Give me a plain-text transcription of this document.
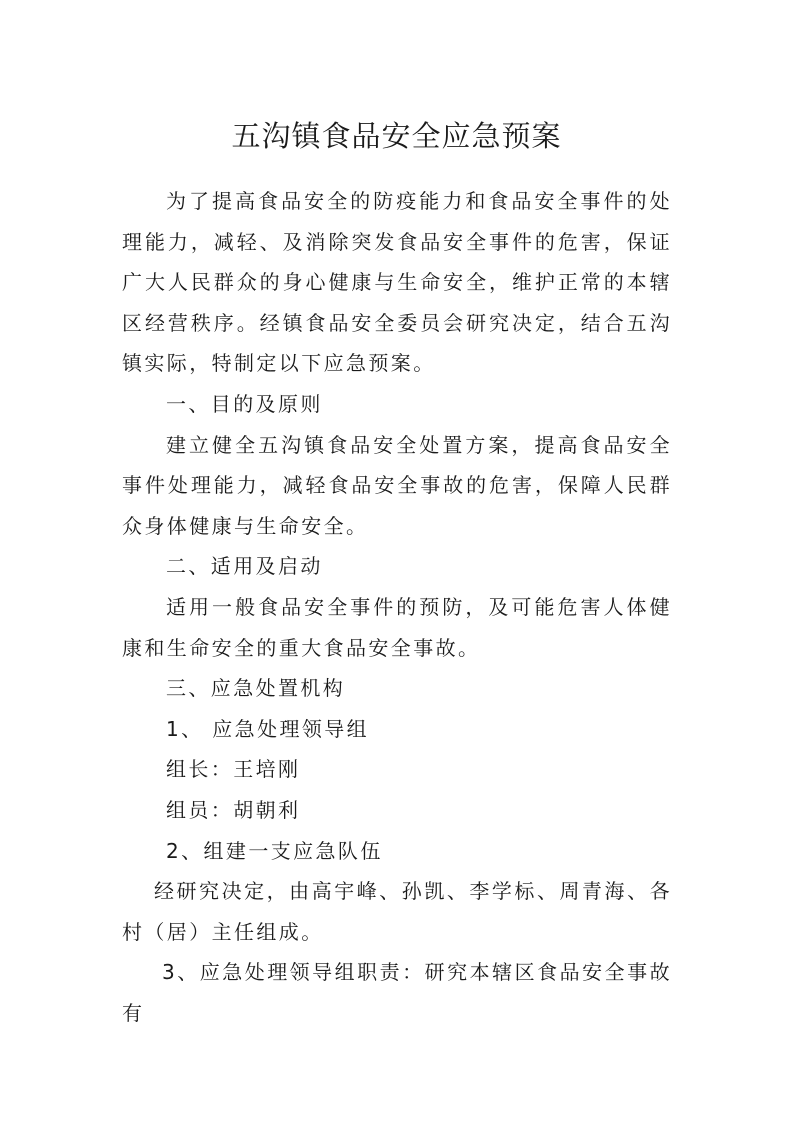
五沟镇食品安全应急预案

为了提高食品安全的防疫能力和食品安全事件的处理能力，减轻、及消除突发食品安全事件的危害，保证广大人民群众的身心健康与生命安全，维护正常的本辖区经营秩序。经镇食品安全委员会研究决定，结合五沟镇实际，特制定以下应急预案。

一、目的及原则

建立健全五沟镇食品安全处置方案，提高食品安全事件处理能力，减轻食品安全事故的危害，保障人民群众身体健康与生命安全。

二、适用及启动

适用一般食品安全事件的预防，及可能危害人体健康和生命安全的重大食品安全事故。

三、应急处置机构

1、 应急处理领导组

组长：王培刚

组员：胡朝利

2、组建一支应急队伍

经研究决定，由高宇峰、孙凯、李学标、周青海、各村（居）主任组成。

3、应急处理领导组职责：研究本辖区食品安全事故有
